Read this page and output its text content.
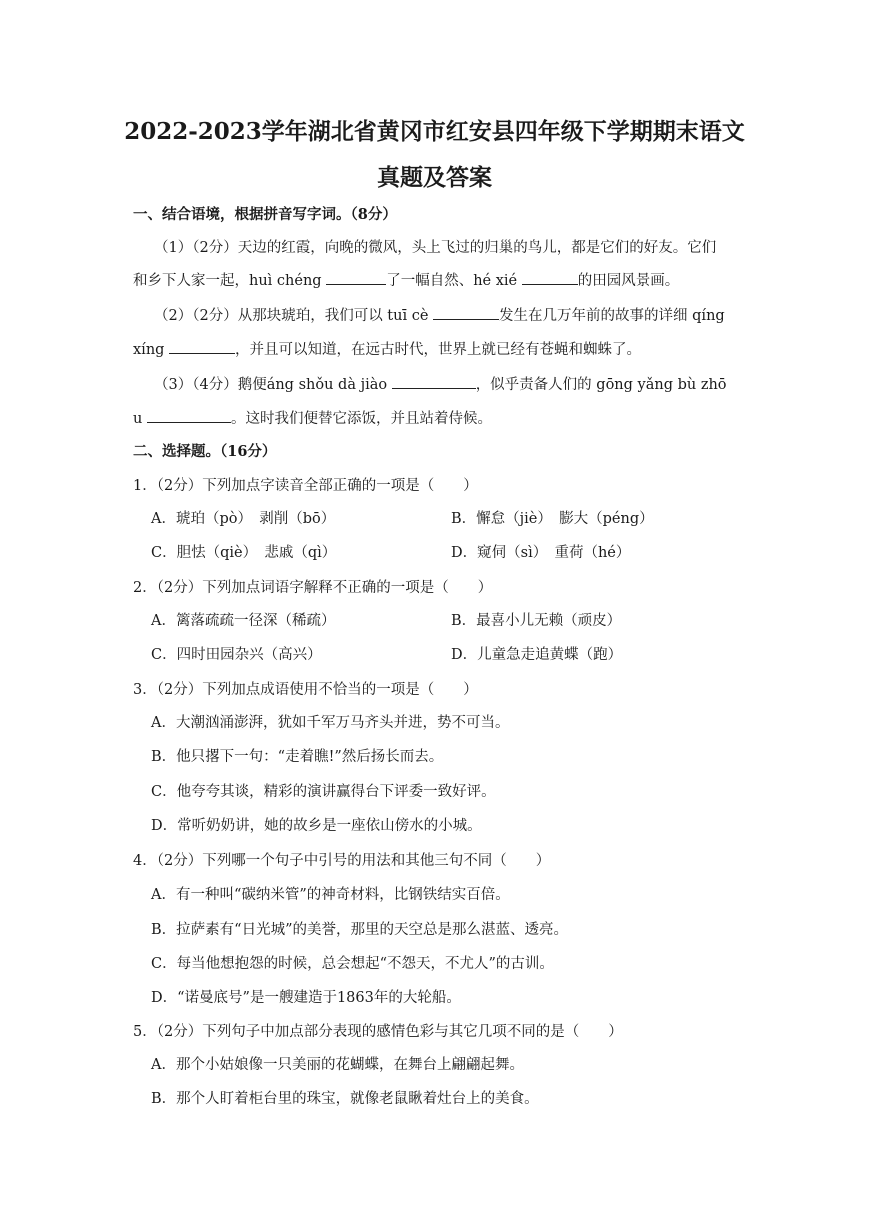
2022-2023学年湖北省黄冈市红安县四年级下学期期末语文
真题及答案
一、结合语境，根据拼音写字词。（8分）
（1）（2分）天边的红霞，向晚的微风，头上飞过的归巢的鸟儿，都是它们的好友。它们
和乡下人家一起，huì chéng	了一幅自然、hé xié	的田园风景画。
（2）（2分）从那块琥珀，我们可以 tuī cè	发生在几万年前的故事的详细 qíng
xíng	，并且可以知道，在远古时代，世界上就已经有苍蝇和蜘蛛了。
（3）（4分）鹅便áng shǒu dà jiào	，似乎责备人们的 gōng yǎng bù zhō
u	。这时我们便替它添饭，并且站着侍候。
二、选择题。（16分）
1．（2分）下列加点字读音全部正确的一项是（　　）
A．琥珀（pò）　剥削（bō）	B．懈怠（jiè）　膨大（péng）
C．胆怯（qiè）　悲戚（qì）	D．窥伺（sì）　重荷（hé）
2．（2分）下列加点词语字解释不正确的一项是（　　）
A．篱落疏疏一径深（稀疏）	B．最喜小儿无赖（顽皮）
C．四时田园杂兴（高兴）	D．儿童急走追黄蝶（跑）
3．（2分）下列加点成语使用不恰当的一项是（　　）
A．大潮汹涌澎湃，犹如千军万马齐头并进，势不可当。
B．他只撂下一句：“走着瞧!”然后扬长而去。
C．他夸夸其谈，精彩的演讲赢得台下评委一致好评。
D．常听奶奶讲，她的故乡是一座依山傍水的小城。
4．（2分）下列哪一个句子中引号的用法和其他三句不同（　　）
A．有一种叫“碳纳米管”的神奇材料，比钢铁结实百倍。
B．拉萨素有“日光城”的美誉，那里的天空总是那么湛蓝、透亮。
C．每当他想抱怨的时候，总会想起“不怨天，不尤人”的古训。
D．“诺曼底号”是一艘建造于1863年的大轮船。
5．（2分）下列句子中加点部分表现的感情色彩与其它几项不同的是（　　）
A．那个小姑娘像一只美丽的花蝴蝶，在舞台上翩翩起舞。
B．那个人盯着柜台里的珠宝，就像老鼠瞅着灶台上的美食。
